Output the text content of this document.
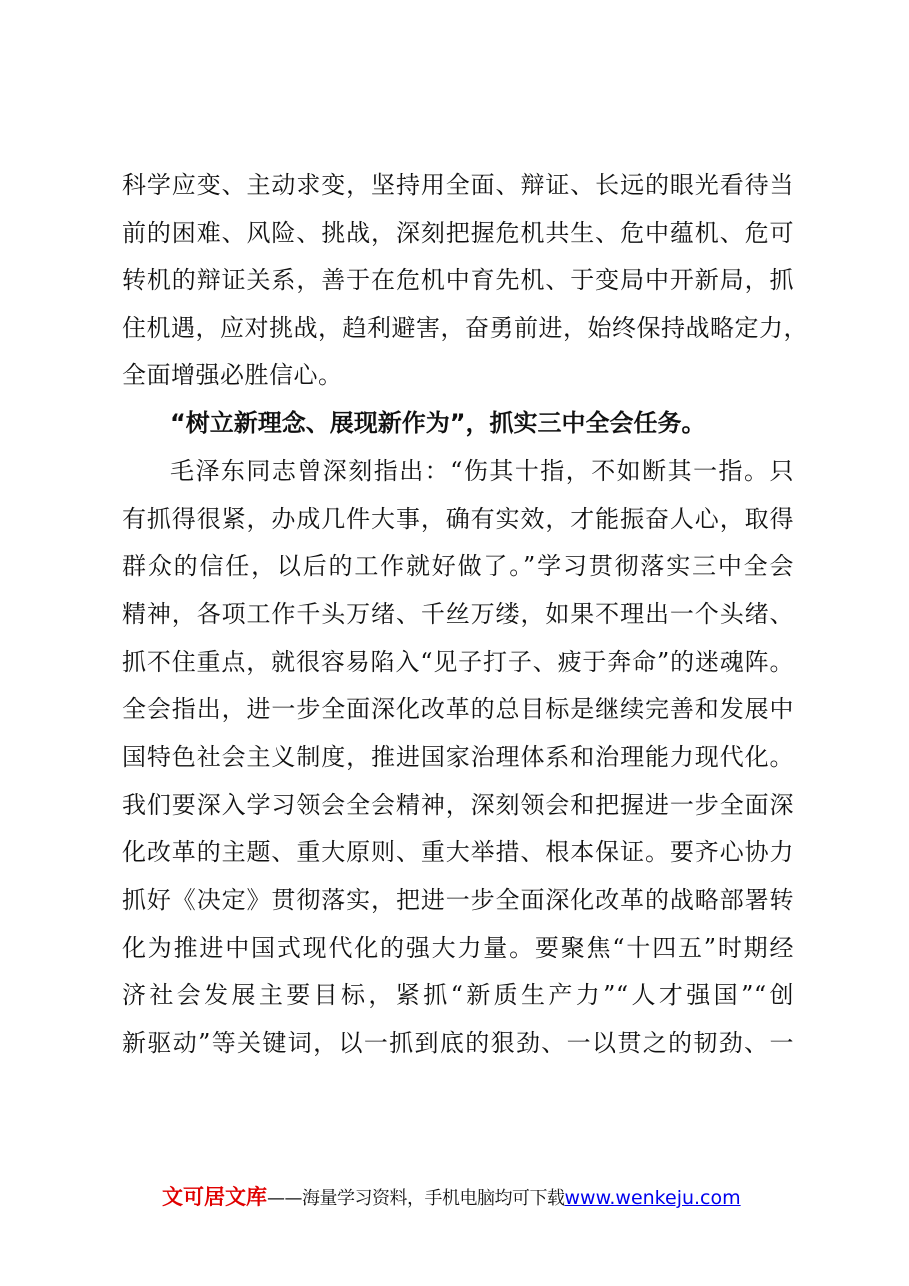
科学应变、主动求变，坚持用全面、辩证、长远的眼光看待当
前的困难、风险、挑战，深刻把握危机共生、危中蕴机、危可
转机的辩证关系，善于在危机中育先机、于变局中开新局，抓
住机遇，应对挑战，趋利避害，奋勇前进，始终保持战略定力，
全面增强必胜信心。
“树立新理念、展现新作为”，抓实三中全会任务。
毛泽东同志曾深刻指出：“伤其十指，不如断其一指。只
有抓得很紧，办成几件大事，确有实效，才能振奋人心，取得
群众的信任，以后的工作就好做了。”学习贯彻落实三中全会
精神，各项工作千头万绪、千丝万缕，如果不理出一个头绪、
抓不住重点，就很容易陷入“见子打子、疲于奔命”的迷魂阵。
全会指出，进一步全面深化改革的总目标是继续完善和发展中
国特色社会主义制度，推进国家治理体系和治理能力现代化。
我们要深入学习领会全会精神，深刻领会和把握进一步全面深
化改革的主题、重大原则、重大举措、根本保证。要齐心协力
抓好《决定》贯彻落实，把进一步全面深化改革的战略部署转
化为推进中国式现代化的强大力量。要聚焦“十四五”时期经
济社会发展主要目标，紧抓“新质生产力”“人才强国”“创
新驱动”等关键词，以一抓到底的狠劲、一以贯之的韧劲、一
文可居文库——海量学习资料，手机电脑均可下载www.wenkeju.com
